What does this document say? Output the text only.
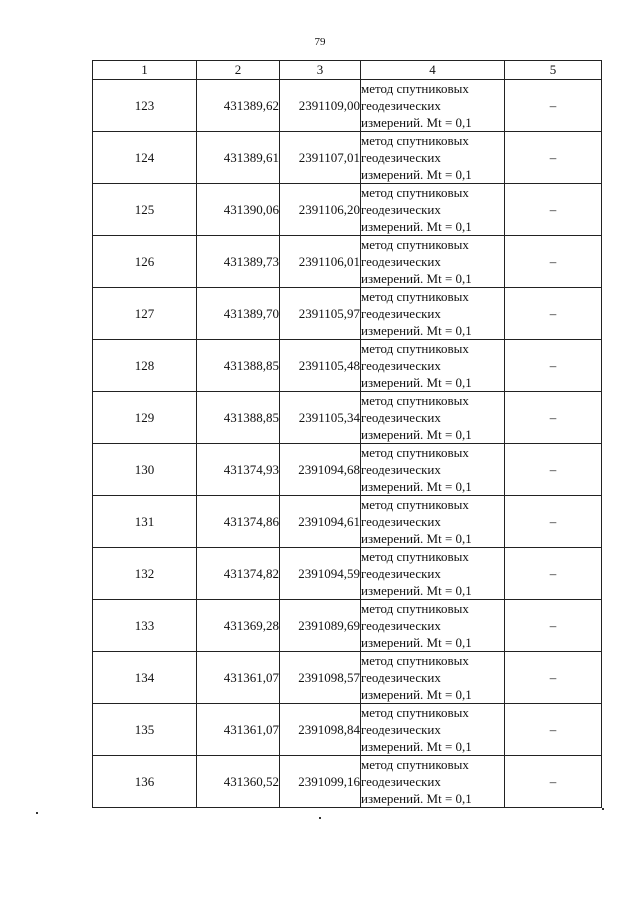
79
1	2	3	4	5
123	431389,62	2391109,00	метод спутниковых
геодезических
измерений. Mt = 0,1	–
124	431389,61	2391107,01	метод спутниковых
геодезических
измерений. Mt = 0,1	–
125	431390,06	2391106,20	метод спутниковых
геодезических
измерений. Mt = 0,1	–
126	431389,73	2391106,01	метод спутниковых
геодезических
измерений. Mt = 0,1	–
127	431389,70	2391105,97	метод спутниковых
геодезических
измерений. Mt = 0,1	–
128	431388,85	2391105,48	метод спутниковых
геодезических
измерений. Mt = 0,1	–
129	431388,85	2391105,34	метод спутниковых
геодезических
измерений. Mt = 0,1	–
130	431374,93	2391094,68	метод спутниковых
геодезических
измерений. Mt = 0,1	–
131	431374,86	2391094,61	метод спутниковых
геодезических
измерений. Mt = 0,1	–
132	431374,82	2391094,59	метод спутниковых
геодезических
измерений. Mt = 0,1	–
133	431369,28	2391089,69	метод спутниковых
геодезических
измерений. Mt = 0,1	–
134	431361,07	2391098,57	метод спутниковых
геодезических
измерений. Mt = 0,1	–
135	431361,07	2391098,84	метод спутниковых
геодезических
измерений. Mt = 0,1	–
136	431360,52	2391099,16	метод спутниковых
геодезических
измерений. Mt = 0,1	–
